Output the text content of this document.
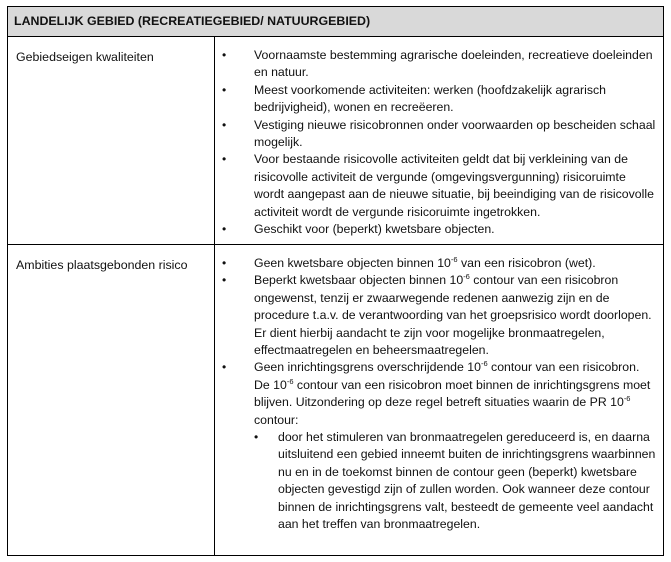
LANDELIJK GEBIED (RECREATIEGEBIED/ NATUURGEBIED)
Gebiedseigen kwaliteiten	• Voornaamste bestemming agrarische doeleinden, recreatieve doeleinden en natuur.
• Meest voorkomende activiteiten: werken (hoofdzakelijk agrarisch bedrijvigheid), wonen en recreëeren.
• Vestiging nieuwe risicobronnen onder voorwaarden op bescheiden schaal mogelijk.
• Voor bestaande risicovolle activiteiten geldt dat bij verkleining van de risicovolle activiteit de vergunde (omgevingsvergunning) risicoruimte wordt aangepast aan de nieuwe situatie, bij beeindiging van de risicovolle activiteit wordt de vergunde risicoruimte ingetrokken.
• Geschikt voor (beperkt) kwetsbare objecten.
Ambities plaatsgebonden risico	• Geen kwetsbare objecten binnen $10^{-6}$ van een risicobron (wet).
• Beperkt kwetsbaar objecten binnen $10^{-6}$ contour van een risicobron ongewenst, tenzij er zwaarwegende redenen aanwezig zijn en de procedure t.a.v. de verantwoording van het groepsrisico wordt doorlopen. Er dient hierbij aandacht te zijn voor mogelijke bronmaatregelen, effectmaatregelen en beheersmaatregelen.
• Geen inrichtingsgrens overschrijdende $10^{-6}$ contour van een risicobron. De $10^{-6}$ contour van een risicobron moet binnen de inrichtingsgrens moet blijven. Uitzondering op deze regel betreft situaties waarin de PR $10^{-6}$ contour:
• door het stimuleren van bronmaatregelen gereduceerd is, en daarna uitsluitend een gebied inneemt buiten de inrichtingsgrens waarbinnen nu en in de toekomst binnen de contour geen (beperkt) kwetsbare objecten gevestigd zijn of zullen worden. Ook wanneer deze contour binnen de inrichtingsgrens valt, besteedt de gemeente veel aandacht aan het treffen van bronmaatregelen.
